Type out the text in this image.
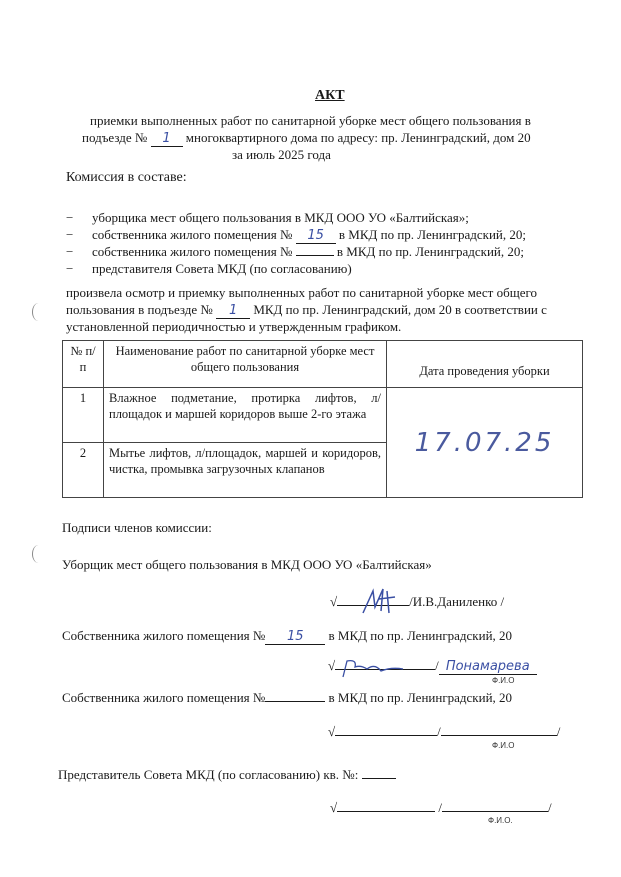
АКТ
приемки выполненных работ по санитарной уборке мест общего пользования в
подъезде № 1 многоквартирного дома по адресу: пр. Ленинградский, дом 20
за июль 2025 года
Комиссия в составе:
− уборщика мест общего пользования в МКД ООО УО «Балтийская»;
− собственника жилого помещения № 15 в МКД по пр. Ленинградский, 20;
− собственника жилого помещения №	в МКД по пр. Ленинградский, 20;
− представителя Совета МКД (по согласованию)
произвела осмотр и приемку выполненных работ по санитарной уборке мест общего
пользования в подъезде № 1 МКД по пр. Ленинградский, дом 20 в соответствии с
установленной периодичностью и утвержденным графиком.
№ п/п	Наименование работ по санитарной уборке мест общего пользования	Дата проведения уборки
1	Влажное подметание, протирка лифтов, л/площадок и маршей коридоров выше 2-го этажа	17.07.25

2	Мытье лифтов, л/площадок, маршей и коридоров, чистка, промывка загрузочных клапанов	
Подписи членов комиссии:
Уборщик мест общего пользования в МКД ООО УО «Балтийская»
√	/И.В.Даниленко /
Собственника жилого помещения № 15 в МКД по пр. Ленинградский, 20
√	/ Понамарева
Ф.И.О
Собственника жилого помещения №	в МКД по пр. Ленинградский, 20
√	/	/
Ф.И.О
Представитель Совета МКД (по согласованию) кв. №:
√	/	/
Ф.И.О.
